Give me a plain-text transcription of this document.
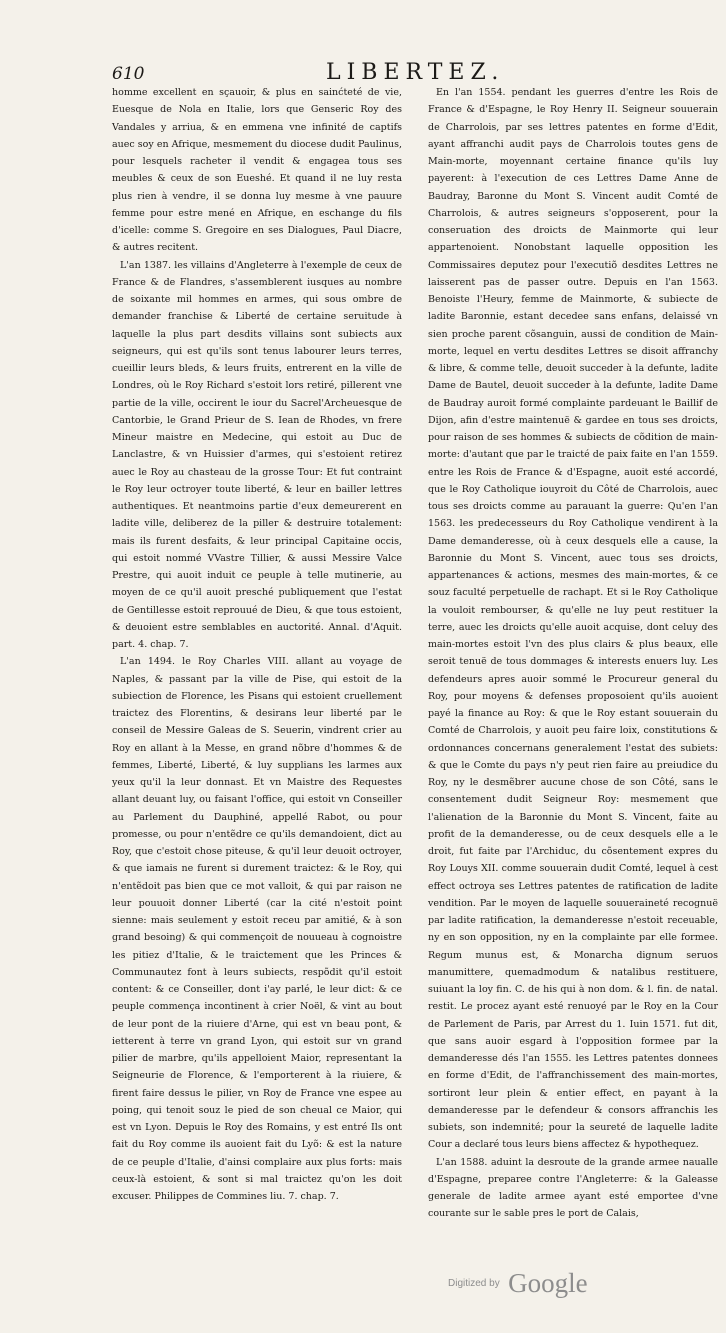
610	LIBERTEZ.

homme excellent en sçauoir, & plus en sainćteté de vie, Euesque de Nola en Italie, lors que Genseric Roy des Vandales y arriua, & en emmena vne infinité de captifs auec soy en Afrique, mesmement du diocese dudit Paulinus, pour lesquels racheter il vendit & engagea tous ses meubles & ceux de son Eueshé. Et quand il ne luy resta plus rien à vendre, il se donna luy mesme à vne pauure femme pour estre mené en Afrique, en eschange du fils d'icelle: comme S. Gregoire en ses Dialogues, Paul Diacre, & autres recitent.

L'an 1387. les villains d'Angleterre à l'exemple de ceux de France & de Flandres, s'assemblerent iusques au nombre de soixante mil hommes en armes, qui sous ombre de demander franchise & Liberté de certaine seruitude à laquelle la plus part desdits villains sont subiects aux seigneurs, qui est qu'ils sont tenus labourer leurs terres, cueillir leurs bleds, & leurs fruits, entrerent en la ville de Londres, où le Roy Richard s'estoit lors retiré, pillerent vne partie de la ville, occirent le iour du Sacrel'Archeuesque de Cantorbie, le Grand Prieur de S. Iean de Rhodes, vn frere Mineur maistre en Medecine, qui estoit au Duc de Lanclastre, & vn Huissier d'armes, qui s'estoient retirez auec le Roy au chasteau de la grosse Tour: Et fut contraint le Roy leur octroyer toute liberté, & leur en bailler lettres authentiques. Et neantmoins partie d'eux demeurerent en ladite ville, deliberez de la piller & destruire totalement: mais ils furent desfaits, & leur principal Capitaine occis, qui estoit nommé VVastre Tillier, & aussi Messire Valce Prestre, qui auoit induit ce peuple à telle mutinerie, au moyen de ce qu'il auoit presché publiquement que l'estat de Gentillesse estoit reprouué de Dieu, & que tous estoient, & deuoient estre semblables en auctorité. Annal. d'Aquit. part. 4. chap. 7.

L'an 1494. le Roy Charles VIII. allant au voyage de Naples, & passant par la ville de Pise, qui estoit de la subiection de Florence, les Pisans qui estoient cruellement traictez des Florentins, & desirans leur liberté par le conseil de Messire Galeas de S. Seuerin, vindrent crier au Roy en allant à la Messe, en grand nõbre d'hommes & de femmes, Liberté, Liberté, & luy supplians les larmes aux yeux qu'il la leur donnast. Et vn Maistre des Requestes allant deuant luy, ou faisant l'office, qui estoit vn Conseiller au Parlement du Dauphiné, appellé Rabot, ou pour promesse, ou pour n'entẽdre ce qu'ils demandoient, dict au Roy, que c'estoit chose piteuse, & qu'il leur deuoit octroyer, & que iamais ne furent si durement traictez: & le Roy, qui n'entẽdoit pas bien que ce mot valloit, & qui par raison ne leur pouuoit donner Liberté (car la cité n'estoit point sienne: mais seulement y estoit receu par amitié, & à son grand besoing) & qui commençoit de nouueau à cognoistre les pitiez d'Italie, & le traictement que les Princes & Communautez font à leurs subiects, respõdit qu'il estoit content: & ce Conseiller, dont i'ay parlé, le leur dict: & ce peuple commença incontinent à crier Noël, & vint au bout de leur pont de la riuiere d'Arne, qui est vn beau pont, & ietterent à terre vn grand Lyon, qui estoit sur vn grand pilier de marbre, qu'ils appelloient Maior, representant la Seigneurie de Florence, & l'emporterent à la riuiere, & firent faire dessus le pilier, vn Roy de France vne espee au poing, qui tenoit souz le pied de son cheual ce Maior, qui est vn Lyon. Depuis le Roy des Romains, y est entré Ils ont fait du Roy comme ils auoient fait du Lyõ: & est la nature de ce peuple d'Italie, d'ainsi complaire aux plus forts: mais ceux-là estoient, & sont si mal traictez qu'on les doit excuser. Philippes de Commines liu. 7. chap. 7.

En l'an 1554. pendant les guerres d'entre les Rois de France & d'Espagne, le Roy Henry II. Seigneur souuerain de Charrolois, par ses lettres patentes en forme d'Edit, ayant affranchi audit pays de Charrolois toutes gens de Main-morte, moyennant certaine finance qu'ils luy payerent: à l'execution de ces Lettres Dame Anne de Baudray, Baronne du Mont S. Vincent audit Comté de Charrolois, & autres seigneurs s'opposerent, pour la conseruation des droicts de Mainmorte qui leur appartenoient. Nonobstant laquelle opposition les Commissaires deputez pour l'executiõ desdites Lettres ne laisserent pas de passer outre. Depuis en l'an 1563. Benoiste l'Heury, femme de Mainmorte, & subiecte de ladite Baronnie, estant decedee sans enfans, delaissé vn sien proche parent cõsanguin, aussi de condition de Main-morte, lequel en vertu desdites Lettres se disoit affranchy & libre, & comme telle, deuoit succeder à la defunte, ladite Dame de Bautel, deuoit succeder à la defunte, ladite Dame de Baudray auroit formé complainte pardeuant le Baillif de Dijon, afin d'estre maintenuë & gardee en tous ses droicts, pour raison de ses hommes & subiects de cõdition de main-morte: d'autant que par le traicté de paix faite en l'an 1559. entre les Rois de France & d'Espagne, auoit esté accordé, que le Roy Catholique iouyroit du Côté de Charrolois, auec tous ses droicts comme au parauant la guerre: Qu'en l'an 1563. les predecesseurs du Roy Catholique vendirent à la Dame demanderesse, où à ceux desquels elle a cause, la Baronnie du Mont S. Vincent, auec tous ses droicts, appartenances & actions, mesmes des main-mortes, & ce souz faculté perpetuelle de rachapt. Et si le Roy Catholique la vouloit rembourser, & qu'elle ne luy peut restituer la terre, auec les droicts qu'elle auoit acquise, dont celuy des main-mortes estoit l'vn des plus clairs & plus beaux, elle seroit tenuë de tous dommages & interests enuers luy. Les defendeurs apres auoir sommé le Procureur general du Roy, pour moyens & defenses proposoient qu'ils auoient payé la finance au Roy: & que le Roy estant souuerain du Comté de Charrolois, y auoit peu faire loix, constitutions & ordonnances concernans generalement l'estat des subiets: & que le Comte du pays n'y peut rien faire au preiudice du Roy, ny le desmẽbrer aucune chose de son Côté, sans le consentement dudit Seigneur Roy: mesmement que l'alienation de la Baronnie du Mont S. Vincent, faite au profit de la demanderesse, ou de ceux desquels elle a le droit, fut faite par l'Archiduc, du cõsentement expres du Roy Louys XII. comme souuerain dudit Comté, lequel à cest effect octroya ses Lettres patentes de ratification de ladite vendition. Par le moyen de laquelle souueraineté recognuë par ladite ratification, la demanderesse n'estoit receuable, ny en son opposition, ny en la complainte par elle formee. Regum munus est, & Monarcha dignum seruos manumittere, quemadmodum & natalibus restituere, suiuant la loy fin. C. de his qui à non dom. & l. fin. de natal. restit. Le procez ayant esté renuoyé par le Roy en la Cour de Parlement de Paris, par Arrest du 1. Iuin 1571. fut dit, que sans auoir esgard à l'opposition formee par la demanderesse dés l'an 1555. les Lettres patentes donnees en forme d'Edit, de l'affranchissement des main-mortes, sortiront leur plein & entier effect, en payant à la demanderesse par le defendeur & consors affranchis les subiets, son indemnité; pour la seureté de laquelle ladite Cour a declaré tous leurs biens affectez & hypothequez.

L'an 1588. aduint la desroute de la grande armee naualle d'Espagne, preparee contre l'Angleterre: & la Galeasse generale de ladite armee ayant esté emportee d'vne courante sur le sable pres le port de Calais,

Digitized by Google
